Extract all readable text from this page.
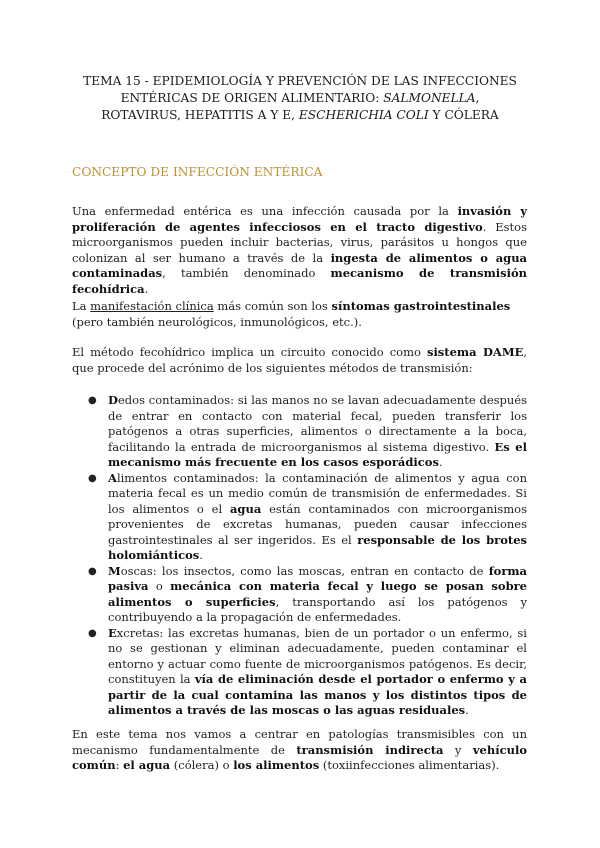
TEMA 15 - EPIDEMIOLOGÍA Y PREVENCIÓN DE LAS INFECCIONES
ENTÉRICAS DE ORIGEN ALIMENTARIO: SALMONELLA,
ROTAVIRUS, HEPATITIS A Y E, ESCHERICHIA COLI Y CÓLERA
CONCEPTO DE INFECCIÓN ENTÉRICA
Una enfermedad entérica es una infección causada por la invasión y proliferación de agentes infecciosos en el tracto digestivo. Estos microorganismos pueden incluir bacterias, virus, parásitos u hongos que colonizan al ser humano a través de la ingesta de alimentos o agua contaminadas, también denominado mecanismo de transmisión fecohídrica.
La manifestación clínica más común son los síntomas gastrointestinales (pero también neurológicos, inmunológicos, etc.).
El método fecohídrico implica un circuito conocido como sistema DAME, que procede del acrónimo de los siguientes métodos de transmisión:
● Dedos contaminados: si las manos no se lavan adecuadamente después de entrar en contacto con material fecal, pueden transferir los patógenos a otras superficies, alimentos o directamente a la boca, facilitando la entrada de microorganismos al sistema digestivo. Es el mecanismo más frecuente en los casos esporádicos.
● Alimentos contaminados: la contaminación de alimentos y agua con materia fecal es un medio común de transmisión de enfermedades. Si los alimentos o el agua están contaminados con microorganismos provenientes de excretas humanas, pueden causar infecciones gastrointestinales al ser ingeridos. Es el responsable de los brotes holomiánticos.
● Moscas: los insectos, como las moscas, entran en contacto de forma pasiva o mecánica con materia fecal y luego se posan sobre alimentos o superficies, transportando así los patógenos y contribuyendo a la propagación de enfermedades.
● Excretas: las excretas humanas, bien de un portador o un enfermo, si no se gestionan y eliminan adecuadamente, pueden contaminar el entorno y actuar como fuente de microorganismos patógenos. Es decir, constituyen la vía de eliminación desde el portador o enfermo y a partir de la cual contamina las manos y los distintos tipos de alimentos a través de las moscas o las aguas residuales.
En este tema nos vamos a centrar en patologías transmisibles con un mecanismo fundamentalmente de transmisión indirecta y vehículo común: el agua (cólera) o los alimentos (toxiinfecciones alimentarias).
